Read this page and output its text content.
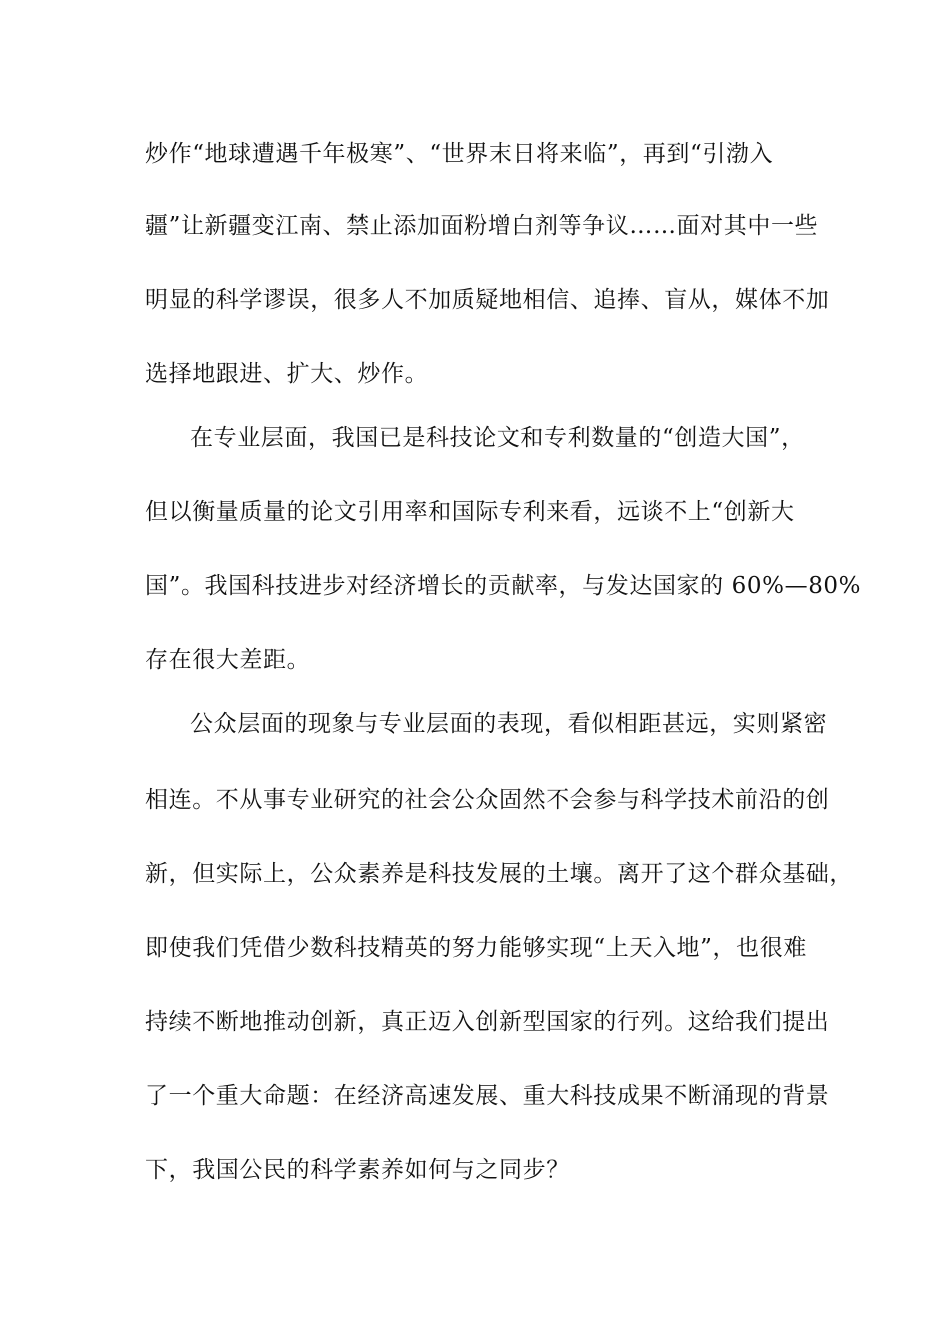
炒作“地球遭遇千年极寒”、“世界末日将来临”，再到“引渤入
疆”让新疆变江南、禁止添加面粉增白剂等争议……面对其中一些
明显的科学谬误，很多人不加质疑地相信、追捧、盲从，媒体不加
选择地跟进、扩大、炒作。
在专业层面，我国已是科技论文和专利数量的“创造大国”，
但以衡量质量的论文引用率和国际专利来看，远谈不上“创新大
国”。我国科技进步对经济增长的贡献率，与发达国家的 60%—80%
存在很大差距。
公众层面的现象与专业层面的表现，看似相距甚远，实则紧密
相连。不从事专业研究的社会公众固然不会参与科学技术前沿的创
新，但实际上，公众素养是科技发展的土壤。离开了这个群众基础，
即使我们凭借少数科技精英的努力能够实现“上天入地”，也很难
持续不断地推动创新，真正迈入创新型国家的行列。这给我们提出
了一个重大命题：在经济高速发展、重大科技成果不断涌现的背景
下，我国公民的科学素养如何与之同步？
